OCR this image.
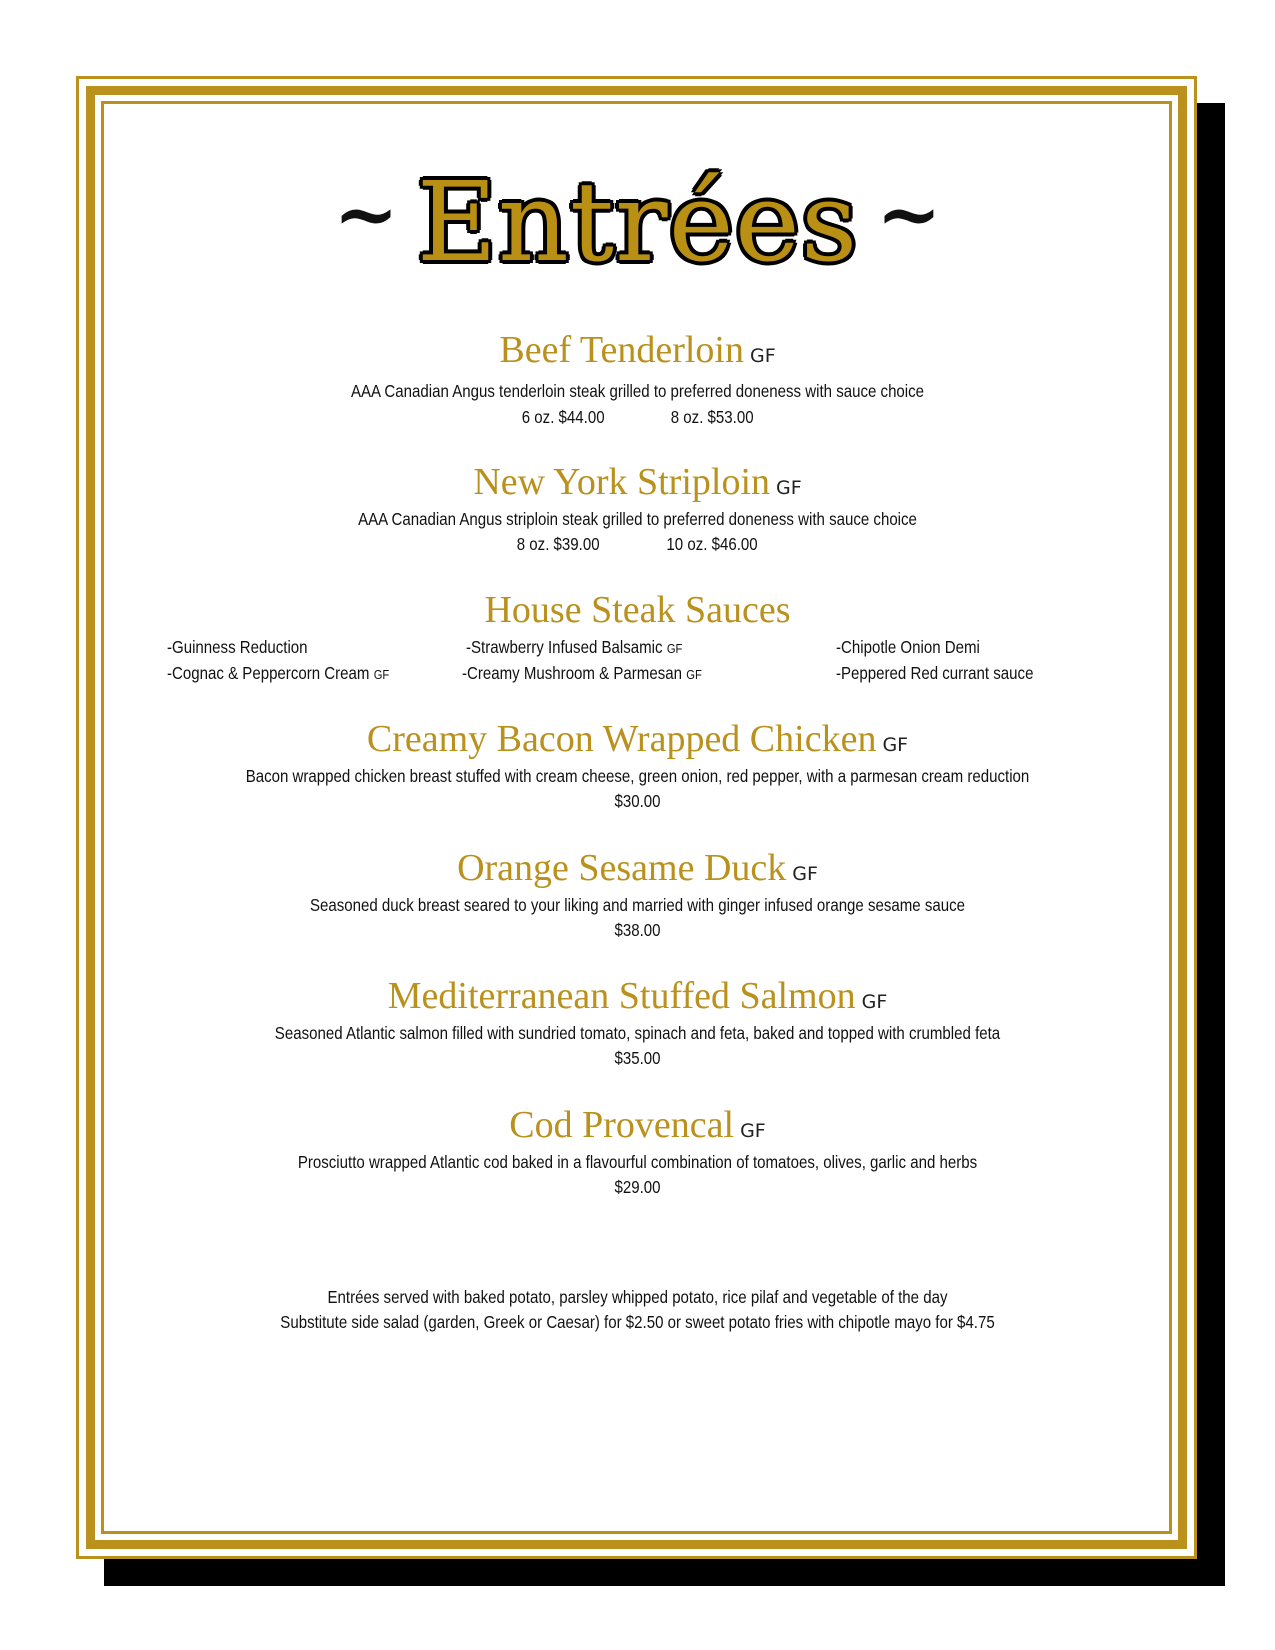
~ Entrées ~
Beef Tenderloin GF
AAA Canadian Angus tenderloin steak grilled to preferred doneness with sauce choice
6 oz. $44.00	8 oz. $53.00
New York Striploin GF
AAA Canadian Angus striploin steak grilled to preferred doneness with sauce choice
8 oz. $39.00	10 oz. $46.00
House Steak Sauces
-Guinness Reduction	-Strawberry Infused Balsamic GF	-Chipotle Onion Demi
-Cognac & Peppercorn Cream GF	-Creamy Mushroom & Parmesan GF	-Peppered Red currant sauce
Creamy Bacon Wrapped Chicken GF
Bacon wrapped chicken breast stuffed with cream cheese, green onion, red pepper, with a parmesan cream reduction
$30.00
Orange Sesame Duck GF
Seasoned duck breast seared to your liking and married with ginger infused orange sesame sauce
$38.00
Mediterranean Stuffed Salmon GF
Seasoned Atlantic salmon filled with sundried tomato, spinach and feta, baked and topped with crumbled feta
$35.00
Cod Provencal GF
Prosciutto wrapped Atlantic cod baked in a flavourful combination of tomatoes, olives, garlic and herbs
$29.00
Entrées served with baked potato, parsley whipped potato, rice pilaf and vegetable of the day
Substitute side salad (garden, Greek or Caesar) for $2.50 or sweet potato fries with chipotle mayo for $4.75
